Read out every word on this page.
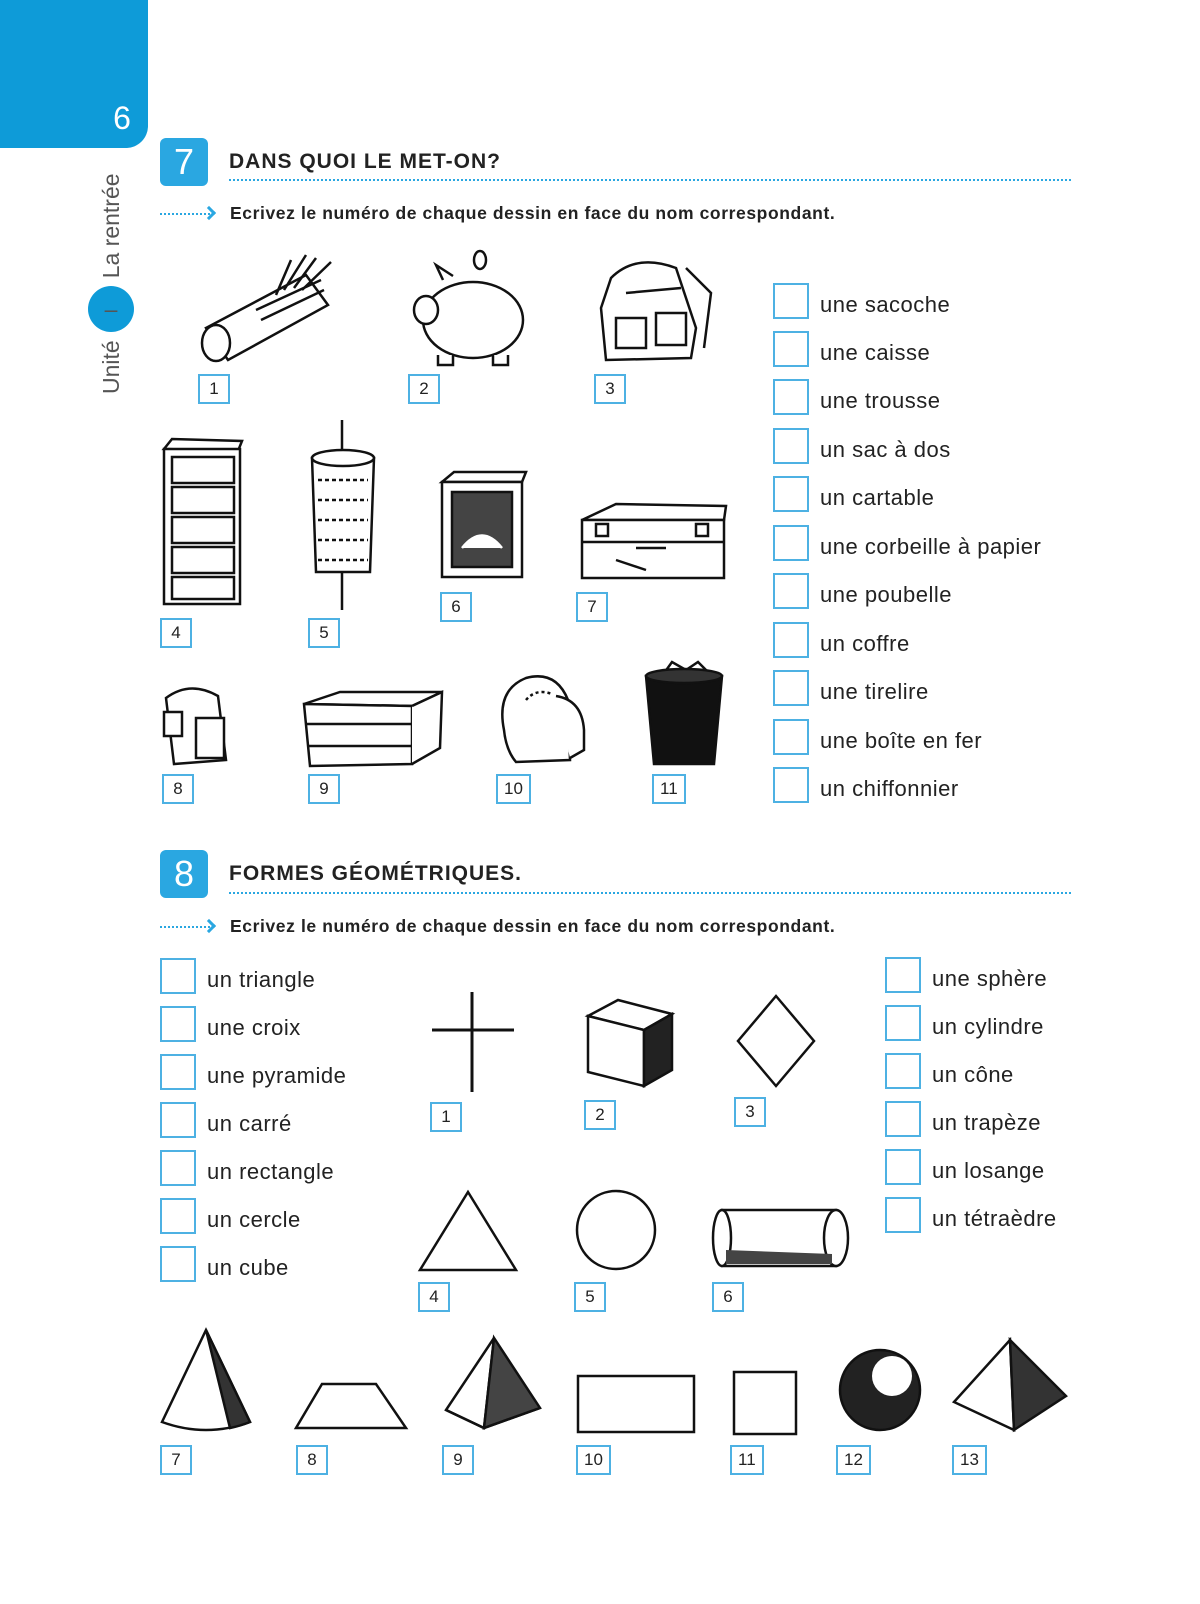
6
Unité
–
La rentrée
7	DANS QUOI LE MET-ON?
Ecrivez le numéro de chaque dessin en face du nom correspondant.
1	2	3
4	5
6	7
8	9	10	11
une sacoche
une caisse
une trousse
un sac à dos
un cartable
une corbeille à papier
une poubelle
un coffre
une tirelire
une boîte en fer
un chiffonnier
8	FORMES GÉOMÉTRIQUES.
Ecrivez le numéro de chaque dessin en face du nom correspondant.
un triangle
une croix
une pyramide
un carré
un rectangle
un cercle
un cube
une sphère
un cylindre
un cône
un trapèze
un losange
un tétraèdre
1	2	3
4	5	6
7	8	9	10	11	12	13
